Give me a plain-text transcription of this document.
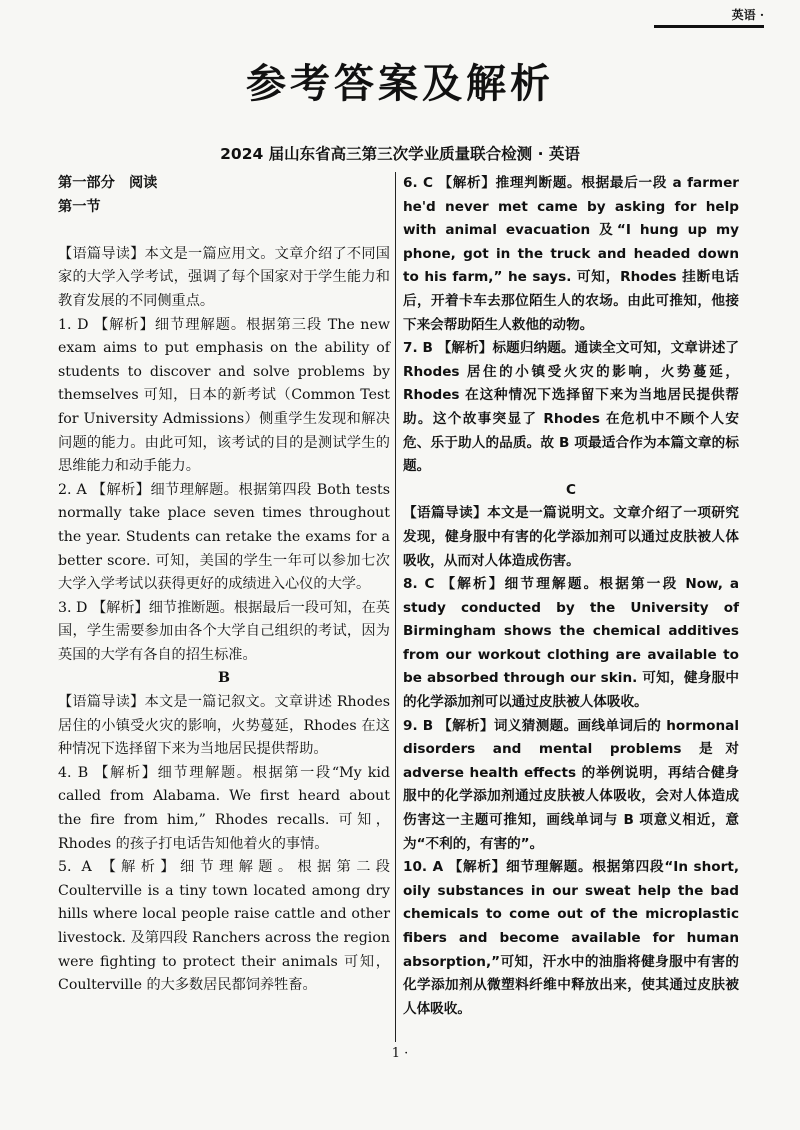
英语 ·
参考答案及解析
2024 届山东省高三第三次学业质量联合检测 · 英语

第一部分　阅读

第一节

【语篇导读】本文是一篇应用文。文章介绍了不同国家的大学入学考试，强调了每个国家对于学生能力和教育发展的不同侧重点。

1. D 【解析】细节理解题。根据第三段 The new exam aims to put emphasis on the ability of students to discover and solve problems by themselves 可知，日本的新考试（Common Test for University Admissions）侧重学生发现和解决问题的能力。由此可知，该考试的目的是测试学生的思维能力和动手能力。

2. A 【解析】细节理解题。根据第四段 Both tests normally take place seven times throughout the year. Students can retake the exams for a better score. 可知，美国的学生一年可以参加七次大学入学考试以获得更好的成绩进入心仪的大学。

3. D 【解析】细节推断题。根据最后一段可知，在英国，学生需要参加由各个大学自己组织的考试，因为英国的大学有各自的招生标准。

B

【语篇导读】本文是一篇记叙文。文章讲述 Rhodes 居住的小镇受火灾的影响，火势蔓延，Rhodes 在这种情况下选择留下来为当地居民提供帮助。

4. B 【解析】细节理解题。根据第一段“My kid called from Alabama. We first heard about the fire from him,” Rhodes recalls. 可知，Rhodes 的孩子打电话告知他着火的事情。

5. A 【解析】细节理解题。根据第二段 Coulterville is a tiny town located among dry hills where local people raise cattle and other livestock. 及第四段 Ranchers across the region were fighting to protect their animals 可知，Coulterville 的大多数居民都饲养牲畜。

6. C 【解析】推理判断题。根据最后一段 a farmer he'd never met came by asking for help with animal evacuation 及“I hung up my phone, got in the truck and headed down to his farm,” he says. 可知，Rhodes 挂断电话后，开着卡车去那位陌生人的农场。由此可推知，他接下来会帮助陌生人救他的动物。

7. B 【解析】标题归纳题。通读全文可知，文章讲述了 Rhodes 居住的小镇受火灾的影响，火势蔓延，Rhodes 在这种情况下选择留下来为当地居民提供帮助。这个故事突显了 Rhodes 在危机中不顾个人安危、乐于助人的品质。故 B 项最适合作为本篇文章的标题。

C

【语篇导读】本文是一篇说明文。文章介绍了一项研究发现，健身服中有害的化学添加剂可以通过皮肤被人体吸收，从而对人体造成伤害。

8. C 【解析】细节理解题。根据第一段 Now, a study conducted by the University of Birmingham shows the chemical additives from our workout clothing are available to be absorbed through our skin. 可知，健身服中的化学添加剂可以通过皮肤被人体吸收。

9. B 【解析】词义猜测题。画线单词后的 hormonal disorders and mental problems 是对 adverse health effects 的举例说明，再结合健身服中的化学添加剂通过皮肤被人体吸收，会对人体造成伤害这一主题可推知，画线单词与 B 项意义相近，意为“不利的，有害的”。

10. A 【解析】细节理解题。根据第四段“In short, oily substances in our sweat help the bad chemicals to come out of the microplastic fibers and become available for human absorption,”可知，汗水中的油脂将健身服中有害的化学添加剂从微塑料纤维中释放出来，使其通过皮肤被人体吸收。

1 ·
